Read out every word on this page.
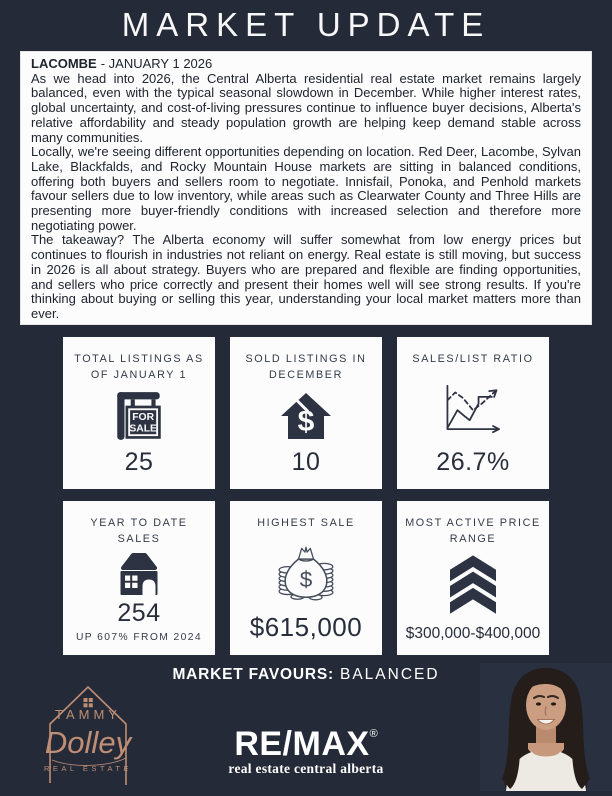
MARKET UPDATE
LACOMBE - JANUARY 1 2026

As we head into 2026, the Central Alberta residential real estate market remains largely balanced, even with the typical seasonal slowdown in December. While higher interest rates, global uncertainty, and cost-of-living pressures continue to influence buyer decisions, Alberta's relative affordability and steady population growth are helping keep demand stable across many communities.

Locally, we're seeing different opportunities depending on location. Red Deer, Lacombe, Sylvan Lake, Blackfalds, and Rocky Mountain House markets are sitting in balanced conditions, offering both buyers and sellers room to negotiate. Innisfail, Ponoka, and Penhold markets favour sellers due to low inventory, while areas such as Clearwater County and Three Hills are presenting more buyer-friendly conditions with increased selection and therefore more negotiating power.

The takeaway? The Alberta economy will suffer somewhat from low energy prices but continues to flourish in industries not reliant on energy. Real estate is still moving, but success in 2026 is all about strategy. Buyers who are prepared and flexible are finding opportunities, and sellers who price correctly and present their homes well will see strong results. If you're thinking about buying or selling this year, understanding your local market matters more than ever.

TOTAL LISTINGS AS OF JANUARY 1
FOR
SALE
25
SOLD LISTINGS IN DECEMBER
$
10
SALES/LIST RATIO
26.7%
YEAR TO DATE SALES
254
UP 607% FROM 2024
HIGHEST SALE
$
$615,000
MOST ACTIVE PRICE RANGE
$300,000-$400,000
MARKET FAVOURS: BALANCED
TAMMY
Dolley
REAL ESTATE
RE/MAX®
real estate central alberta
